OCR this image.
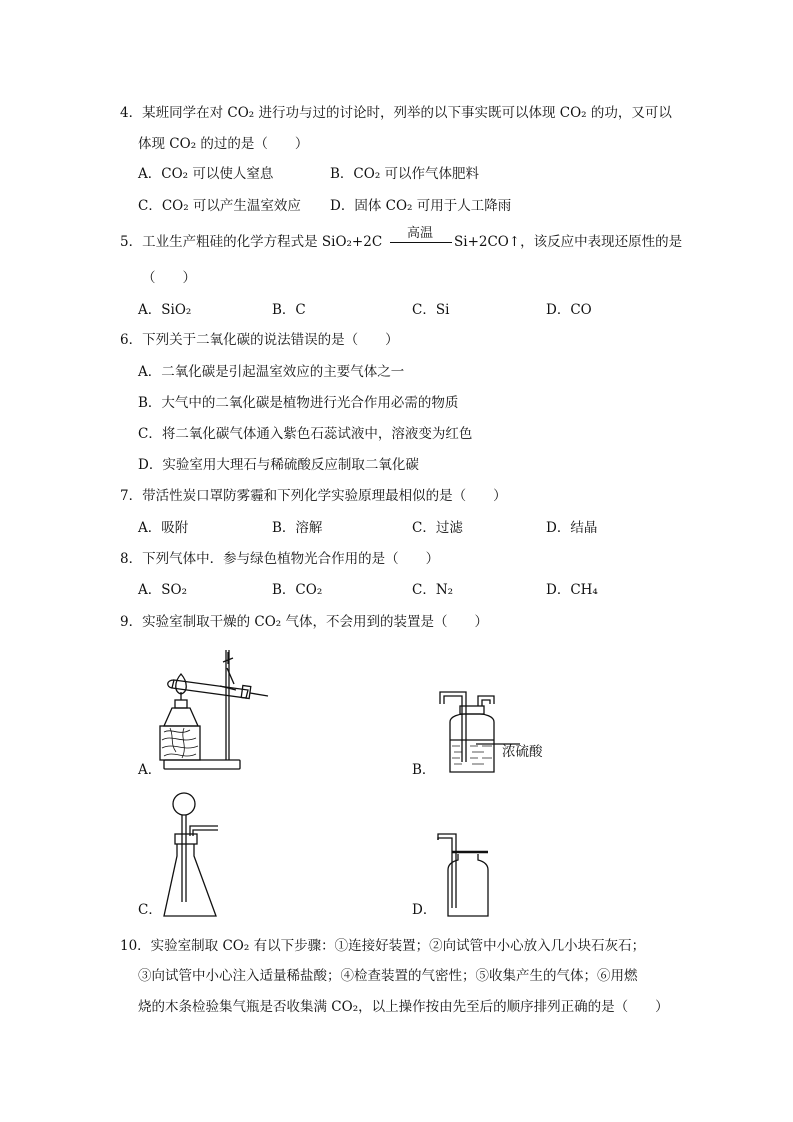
4．某班同学在对 CO₂ 进行功与过的讨论时，列举的以下事实既可以体现 CO₂ 的功，又可以
体现 CO₂ 的过的是（　　）
A．CO₂ 可以使人窒息	B．CO₂ 可以作气体肥料
C．CO₂ 可以产生温室效应 D．固体 CO₂ 可用于人工降雨
5．工业生产粗硅的化学方程式是 SiO₂+2C
高温
Si+2CO↑，该反应中表现还原性的是
（　　）
A．SiO₂	B．C	C．Si	D．CO
6．下列关于二氧化碳的说法错误的是（　　）
A．二氧化碳是引起温室效应的主要气体之一
B．大气中的二氧化碳是植物进行光合作用必需的物质
C．将二氧化碳气体通入紫色石蕊试液中，溶液变为红色
D．实验室用大理石与稀硫酸反应制取二氧化碳
7．带活性炭口罩防雾霾和下列化学实验原理最相似的是（　　）
A．吸附	B．溶解	C．过滤	D．结晶
8．下列气体中．参与绿色植物光合作用的是（　　）
A．SO₂	B．CO₂	C．N₂	D．CH₄
9．实验室制取干燥的 CO₂ 气体，不会用到的装置是（　　）
A．
浓硫酸
B．
C．	D．
10．实验室制取 CO₂ 有以下步骤：①连接好装置；②向试管中小心放入几小块石灰石；
③向试管中小心注入适量稀盐酸；④检查装置的气密性；⑤收集产生的气体；⑥用燃
烧的木条检验集气瓶是否收集满 CO₂，以上操作按由先至后的顺序排列正确的是（　　）
